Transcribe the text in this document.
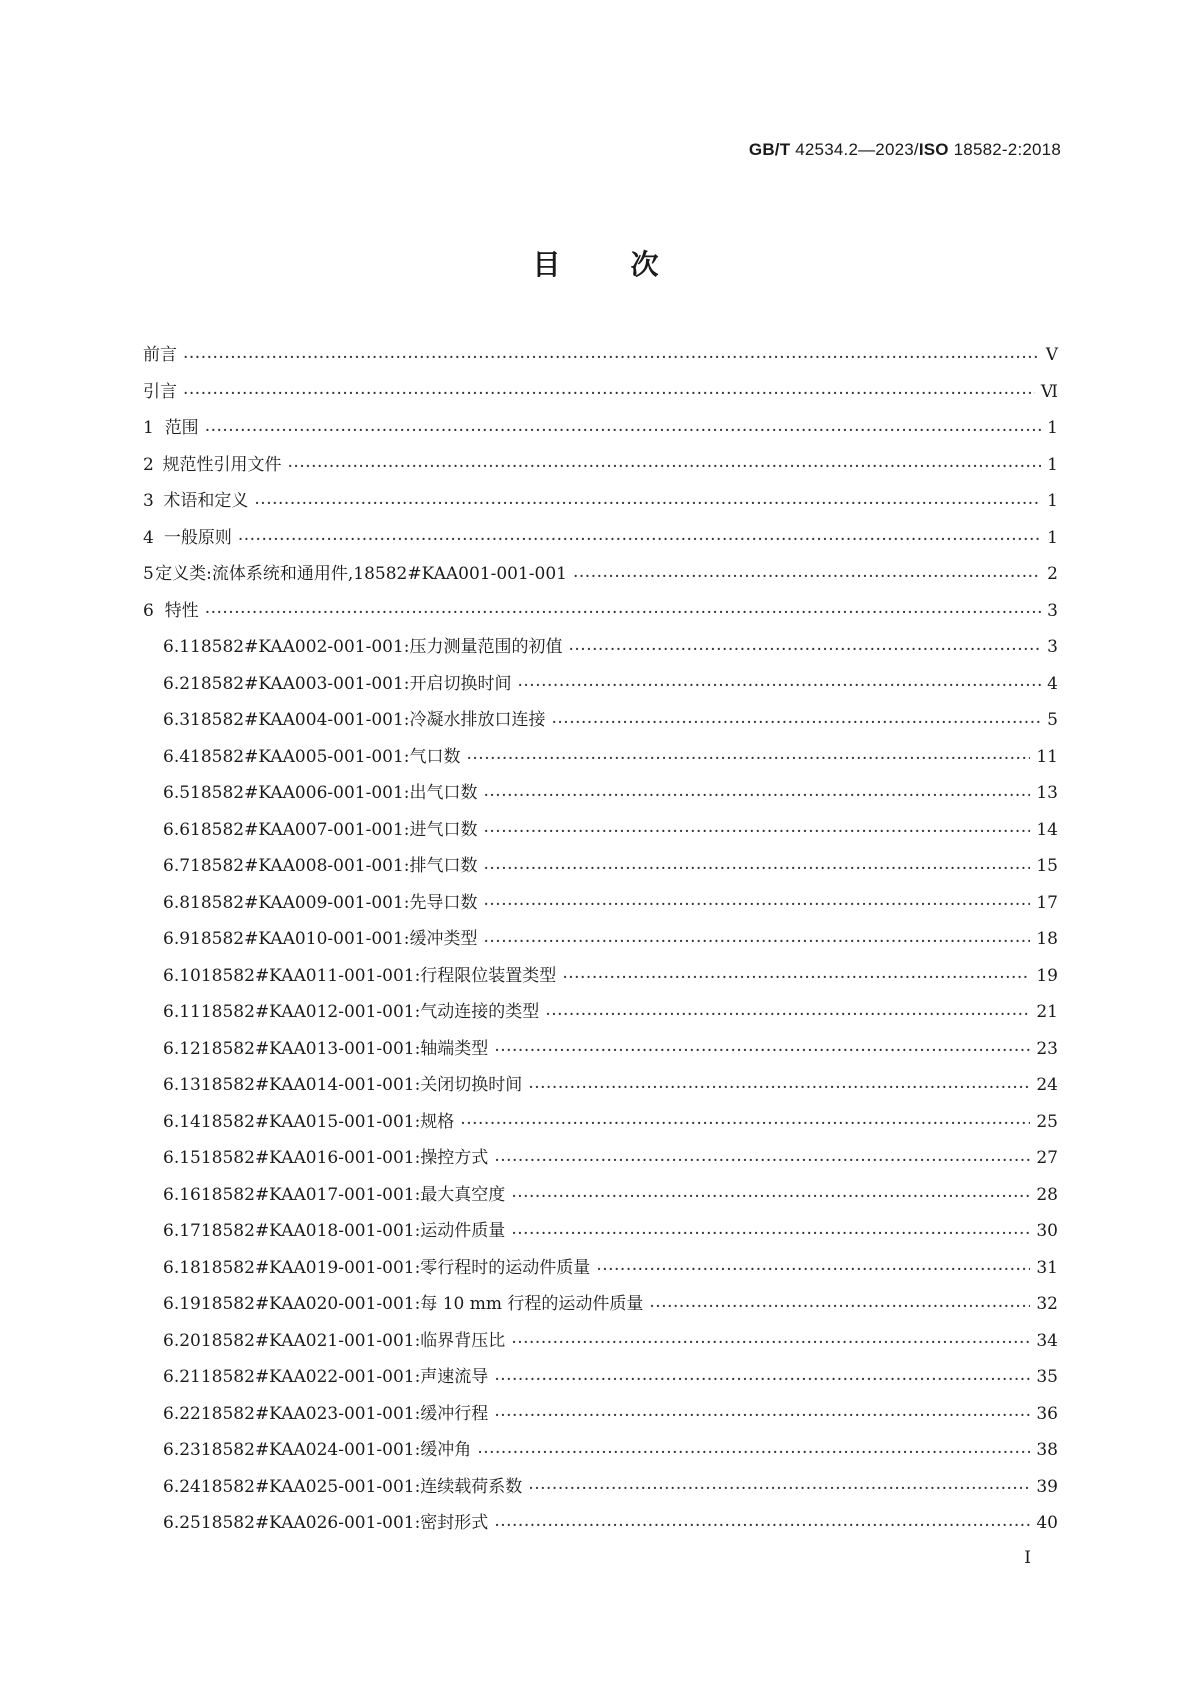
GB/T 42534.2—2023/ISO 18582-2:2018
目次
前言 ·····	Ⅴ
引言 ·····	Ⅵ
1 范围 ·····	1
2 规范性引用文件 ·····	1
3 术语和定义 ·····	1
4 一般原则 ·····	1
5 定义类:流体系统和通用件,18582#KAA001-001-001 ·····	2
6 特性 ·····	3
6.1 18582#KAA002-001-001:压力测量范围的初值 ·····	3
6.2 18582#KAA003-001-001:开启切换时间 ·····	4
6.3 18582#KAA004-001-001:冷凝水排放口连接 ·····	5
6.4 18582#KAA005-001-001:气口数 ·····	11
6.5 18582#KAA006-001-001:出气口数 ·····	13
6.6 18582#KAA007-001-001:进气口数 ·····	14
6.7 18582#KAA008-001-001:排气口数 ·····	15
6.8 18582#KAA009-001-001:先导口数 ·····	17
6.9 18582#KAA010-001-001:缓冲类型 ·····	18
6.10 18582#KAA011-001-001:行程限位装置类型 ·····	19
6.11 18582#KAA012-001-001:气动连接的类型 ·····	21
6.12 18582#KAA013-001-001:轴端类型 ·····	23
6.13 18582#KAA014-001-001:关闭切换时间 ·····	24
6.14 18582#KAA015-001-001:规格 ·····	25
6.15 18582#KAA016-001-001:操控方式 ·····	27
6.16 18582#KAA017-001-001:最大真空度 ·····	28
6.17 18582#KAA018-001-001:运动件质量 ·····	30
6.18 18582#KAA019-001-001:零行程时的运动件质量 ·····	31
6.19 18582#KAA020-001-001:每 10 mm 行程的运动件质量 ·····	32
6.20 18582#KAA021-001-001:临界背压比 ·····	34
6.21 18582#KAA022-001-001:声速流导 ·····	35
6.22 18582#KAA023-001-001:缓冲行程 ·····	36
6.23 18582#KAA024-001-001:缓冲角 ·····	38
6.24 18582#KAA025-001-001:连续载荷系数 ·····	39
6.25 18582#KAA026-001-001:密封形式 ·····	40
Ⅰ
